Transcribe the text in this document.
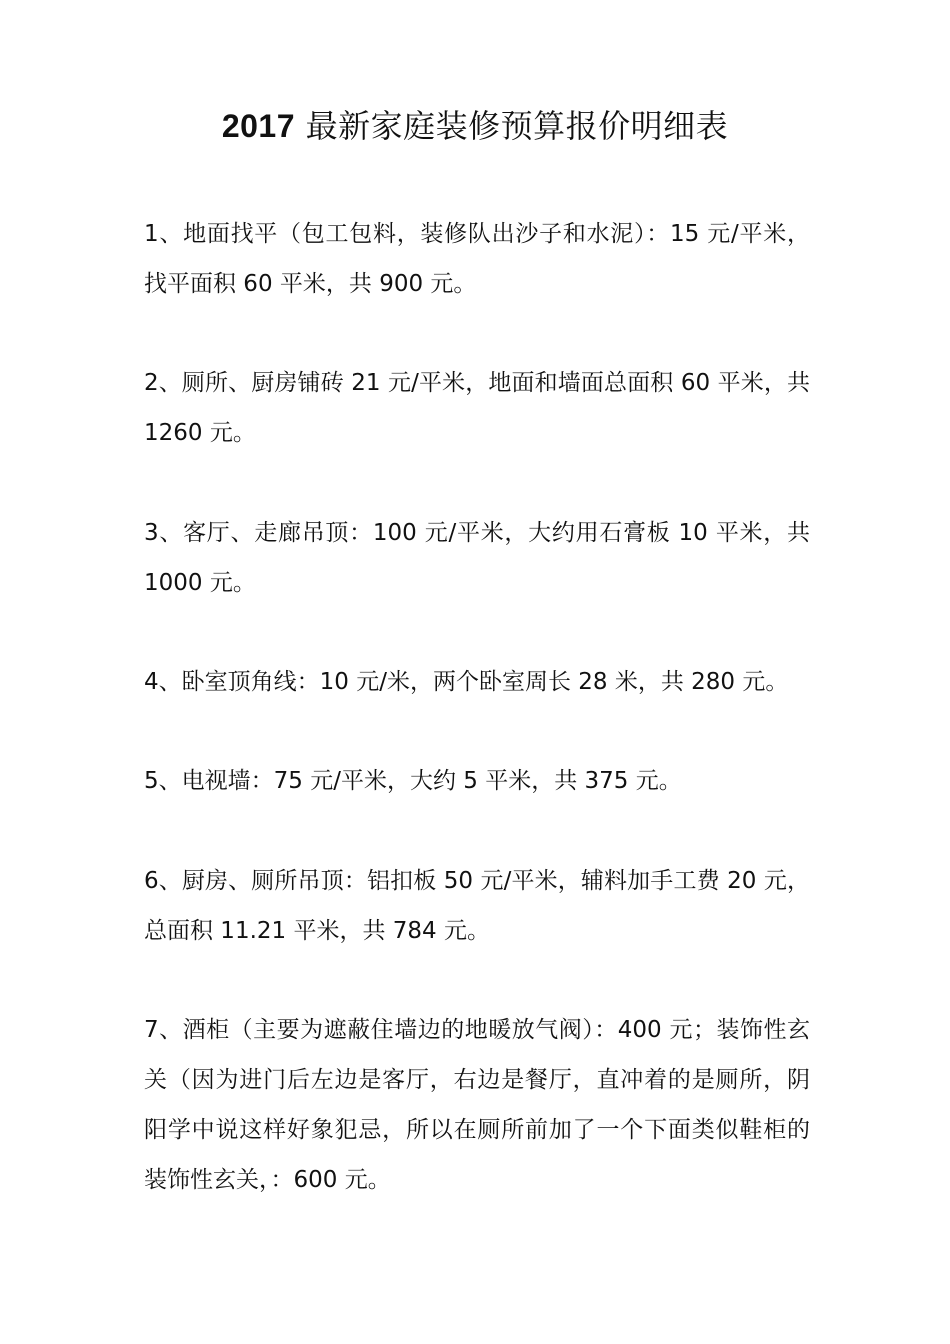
2017 最新家庭装修预算报价明细表

1、地面找平（包工包料，装修队出沙子和水泥）：15 元/平米，找平面积 60 平米，共 900 元。

2、厕所、厨房铺砖 21 元/平米，地面和墙面总面积 60 平米，共 1260 元。

3、客厅、走廊吊顶：100 元/平米，大约用石膏板 10 平米，共 1000 元。

4、卧室顶角线：10 元/米，两个卧室周长 28 米，共 280 元。

5、电视墙：75 元/平米，大约 5 平米，共 375 元。

6、厨房、厕所吊顶：铝扣板 50 元/平米，辅料加手工费 20 元，总面积 11.21 平米，共 784 元。

7、酒柜（主要为遮蔽住墙边的地暖放气阀）：400 元；装饰性玄关（因为进门后左边是客厅，右边是餐厅，直冲着的是厕所，阴阳学中说这样好象犯忌，所以在厕所前加了一个下面类似鞋柜的装饰性玄关，：600 元。
